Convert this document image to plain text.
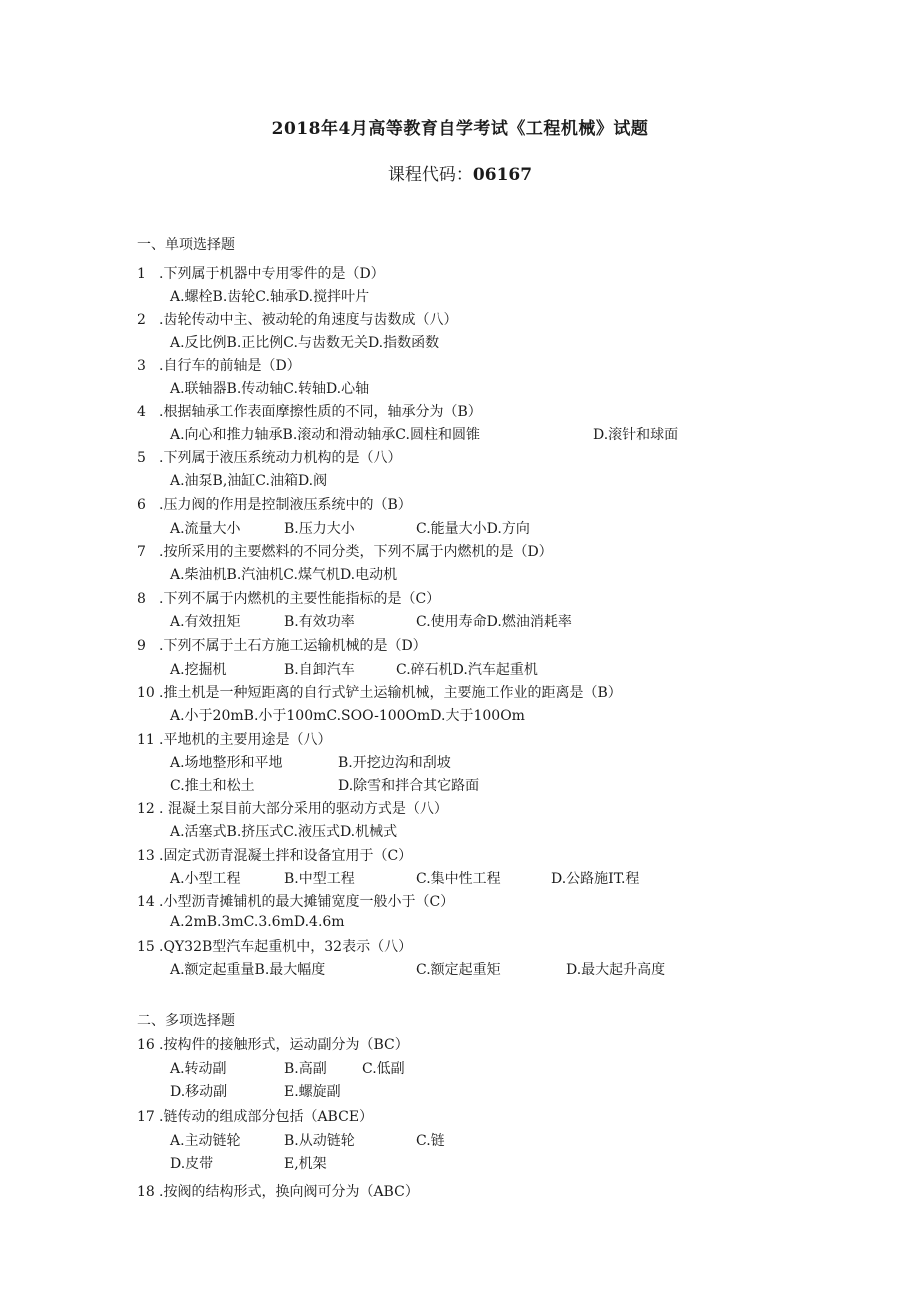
2018年4月高等教育自学考试《工程机械》试题
课程代码：06167
一、单项选择题
1 .下列属于机器中专用零件的是（D）
A.螺栓B.齿轮C.轴承D.搅拌叶片
2 .齿轮传动中主、被动轮的角速度与齿数成（八）
A.反比例B.正比例C.与齿数无关D.指数函数
3 .自行车的前轴是（D）
A.联轴器B.传动轴C.转轴D.心轴
4 .根据轴承工作表面摩擦性质的不同，轴承分为（B）
A.向心和推力轴承B.滚动和滑动轴承C.圆柱和圆锥	D.滚针和球面
5 .下列属于液压系统动力机构的是（八）
A.油泵B,油缸C.油箱D.阀
6 .压力阀的作用是控制液压系统中的（B）
A.流量大小	B.压力大小	C.能量大小D.方向
7 .按所采用的主要燃料的不同分类，下列不属于内燃机的是（D）
A.柴油机B.汽油机C.煤气机D.电动机
8 .下列不属于内燃机的主要性能指标的是（C）
A.有效扭矩	B.有效功率	C.使用寿命D.燃油消耗率
9 .下列不属于土石方施工运输机械的是（D）
A.挖掘机	B.自卸汽车	C.碎石机D.汽车起重机
10 .推土机是一种短距离的自行式铲土运输机械，主要施工作业的距离是（B）
A.小于20mB.小于100mC.SOO-100OmD.大于100Om
11 .平地机的主要用途是（八）
A.场地整形和平地	B.开挖边沟和刮坡
C.推土和松土	D.除雪和拌合其它路面
12 . 混凝土泵目前大部分采用的驱动方式是（八）
A.活塞式B.挤压式C.液压式D.机械式
13 .固定式沥青混凝土拌和设备宜用于（C）
A.小型工程	B.中型工程	C.集中性工程	D.公路施IT.程
14 .小型沥青摊铺机的最大摊铺宽度一般小于（C）
A.2mB.3mC.3.6mD.4.6m
15 .QY32B型汽车起重机中，32表示（八）
A.额定起重量B.最大幅度	C.额定起重矩	D.最大起升高度
二、多项选择题
16 .按构件的接触形式，运动副分为（BC）
A.转动副	B.高副	C.低副
D.移动副	E.螺旋副
17 .链传动的组成部分包括（ABCE）
A.主动链轮	B.从动链轮	C.链
D.皮带	E,机架
18 .按阀的结构形式，换向阀可分为（ABC）
